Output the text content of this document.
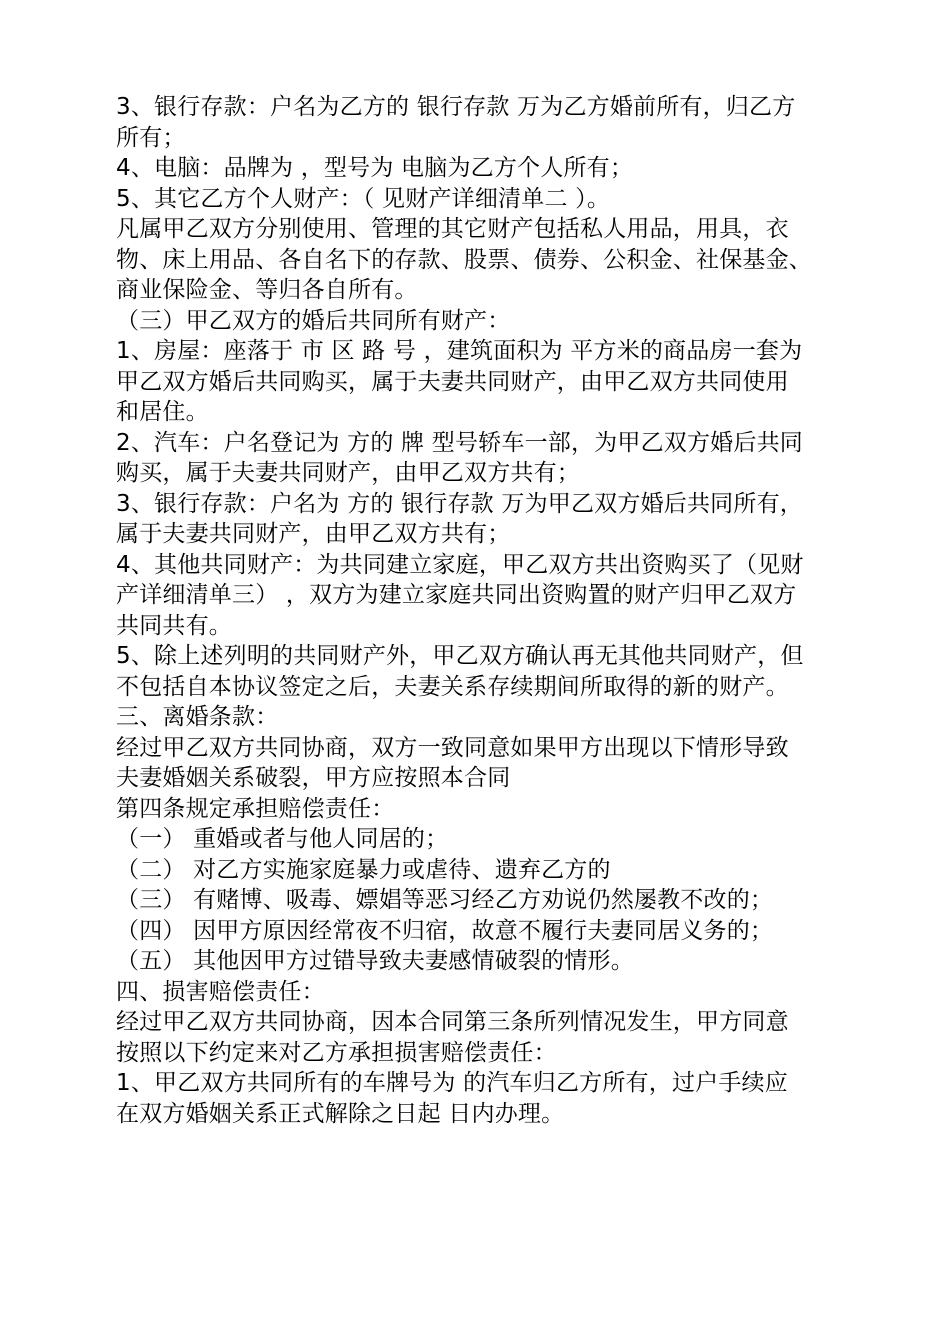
3、银行存款：户名为乙方的 银行存款 万为乙方婚前所有，归乙方
所有；
4、电脑：品牌为 ，型号为 电脑为乙方个人所有；
5、其它乙方个人财产：（ 见财产详细清单二 ）。
凡属甲乙双方分别使用、管理的其它财产包括私人用品，用具，衣
物、床上用品、各自名下的存款、股票、债券、公积金、社保基金、
商业保险金、等归各自所有。
（三）甲乙双方的婚后共同所有财产：
1、房屋：座落于 市 区 路 号 ，建筑面积为 平方米的商品房一套为
甲乙双方婚后共同购买，属于夫妻共同财产，由甲乙双方共同使用
和居住。
2、汽车：户名登记为 方的 牌 型号轿车一部，为甲乙双方婚后共同
购买，属于夫妻共同财产，由甲乙双方共有；
3、银行存款：户名为 方的 银行存款 万为甲乙双方婚后共同所有，
属于夫妻共同财产，由甲乙双方共有；
4、其他共同财产：为共同建立家庭，甲乙双方共出资购买了（见财
产详细清单三） ，双方为建立家庭共同出资购置的财产归甲乙双方
共同共有。
5、除上述列明的共同财产外，甲乙双方确认再无其他共同财产，但
不包括自本协议签定之后，夫妻关系存续期间所取得的新的财产。
三、离婚条款：
经过甲乙双方共同协商，双方一致同意如果甲方出现以下情形导致
夫妻婚姻关系破裂，甲方应按照本合同
第四条规定承担赔偿责任：
（一） 重婚或者与他人同居的；
（二） 对乙方实施家庭暴力或虐待、遗弃乙方的
（三） 有赌博、吸毒、嫖娼等恶习经乙方劝说仍然屡教不改的；
（四） 因甲方原因经常夜不归宿，故意不履行夫妻同居义务的；
（五） 其他因甲方过错导致夫妻感情破裂的情形。
四、损害赔偿责任：
经过甲乙双方共同协商，因本合同第三条所列情况发生，甲方同意
按照以下约定来对乙方承担损害赔偿责任：
1、甲乙双方共同所有的车牌号为 的汽车归乙方所有，过户手续应
在双方婚姻关系正式解除之日起 日内办理。
